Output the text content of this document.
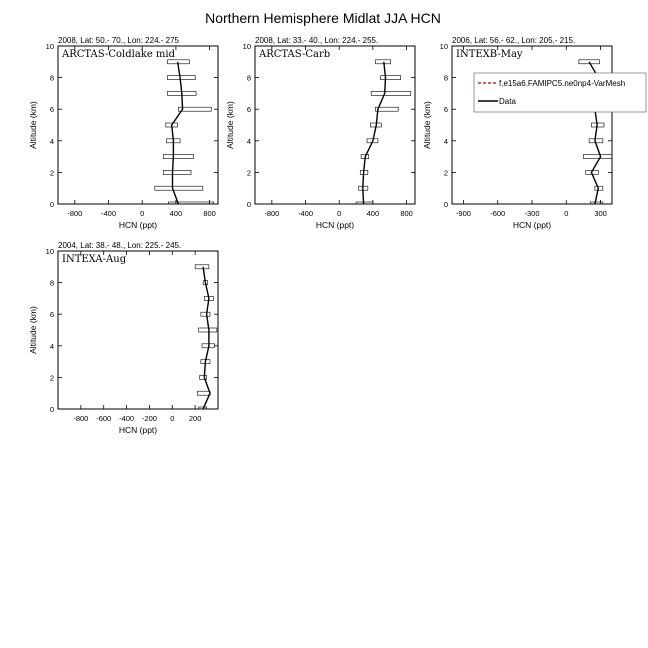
Northern Hemisphere Midlat JJA HCN
2008, Lat: 50.- 70., Lon: 224.- 275
ARCTAS-Coldlake mid
-800 -400	0	400	800
0
2
4
6
8
10
HCN (ppt)
Altitude (km)
2008, Lat: 33.- 40., Lon: 224.- 255.
ARCTAS-Carb
-800 -400	0	400	800
0
2
4
6
8
10
HCN (ppt)
Altitude (km)
2006, Lat: 56.- 62., Lon: 205.- 215.
INTEXB-May
-900	-600	-300	0	300
0
2
4
6
8
10
HCN (ppt)
Altitude (km)
2004, Lat: 38.- 48., Lon: 225.- 245.
INTEXA-Aug
-800 -600 -400 -200 0 200
0
2
4
6
8
10
HCN (ppt)
Altitude (km)
f.e15a6.FAMIPC5.ne0np4-VarMesh
Data
